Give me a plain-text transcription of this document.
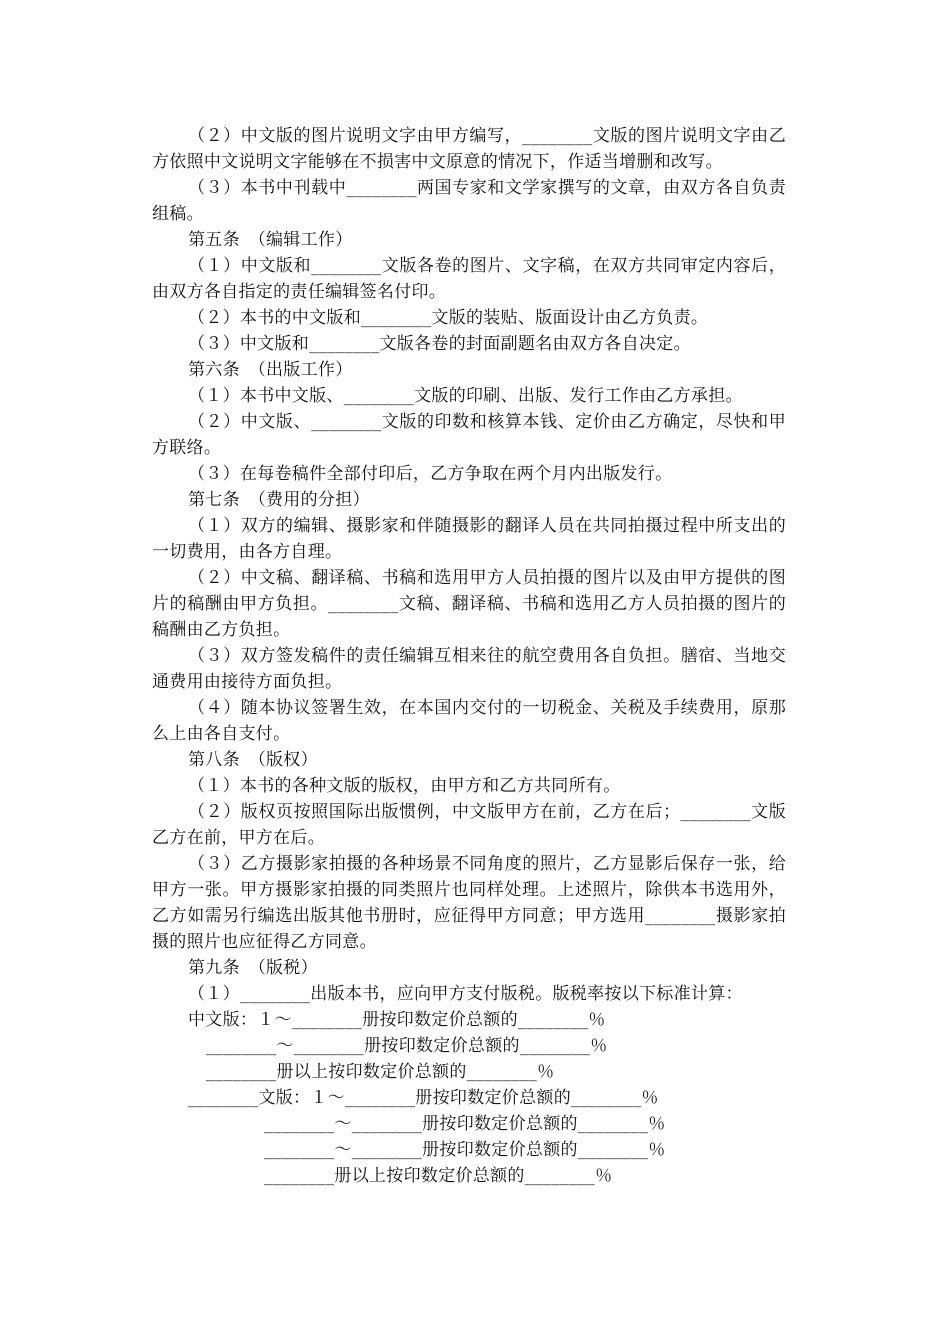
（２）中文版的图片说明文字由甲方编写，________文版的图片说明文字由乙方依照中文说明文字能够在不损害中文原意的情况下，作适当增删和改写。

（３）本书中刊载中________两国专家和文学家撰写的文章，由双方各自负责组稿。

第五条　（编辑工作）

（１）中文版和________文版各卷的图片、文字稿，在双方共同审定内容后，由双方各自指定的责任编辑签名付印。

（２）本书的中文版和________文版的装贴、版面设计由乙方负责。

（３）中文版和________文版各卷的封面副题名由双方各自决定。

第六条　（出版工作）

（１）本书中文版、________文版的印刷、出版、发行工作由乙方承担。

（２）中文版、________文版的印数和核算本钱、定价由乙方确定，尽快和甲方联络。

（３）在每卷稿件全部付印后，乙方争取在两个月内出版发行。

第七条　（费用的分担）

（１）双方的编辑、摄影家和伴随摄影的翻译人员在共同拍摄过程中所支出的一切费用，由各方自理。

（２）中文稿、翻译稿、书稿和选用甲方人员拍摄的图片以及由甲方提供的图片的稿酬由甲方负担。________文稿、翻译稿、书稿和选用乙方人员拍摄的图片的稿酬由乙方负担。

（３）双方签发稿件的责任编辑互相来往的航空费用各自负担。膳宿、当地交通费用由接待方面负担。

（４）随本协议签署生效，在本国内交付的一切税金、关税及手续费用，原那么上由各自支付。

第八条　（版权）

（１）本书的各种文版的版权，由甲方和乙方共同所有。

（２）版权页按照国际出版惯例，中文版甲方在前，乙方在后；________文版乙方在前，甲方在后。

（３）乙方摄影家拍摄的各种场景不同角度的照片，乙方显影后保存一张，给甲方一张。甲方摄影家拍摄的同类照片也同样处理。上述照片，除供本书选用外，乙方如需另行编选出版其他书册时，应征得甲方同意；甲方选用________摄影家拍摄的照片也应征得乙方同意。

第九条　（版税）

（１）________出版本书，应向甲方支付版税。版税率按以下标准计算：

中文版：１～________册按印数定价总额的________％

________～________册按印数定价总额的________％

________册以上按印数定价总额的________％

________文版：１～________册按印数定价总额的________％

________～________册按印数定价总额的________％

________～________册按印数定价总额的________％

________册以上按印数定价总额的________％
